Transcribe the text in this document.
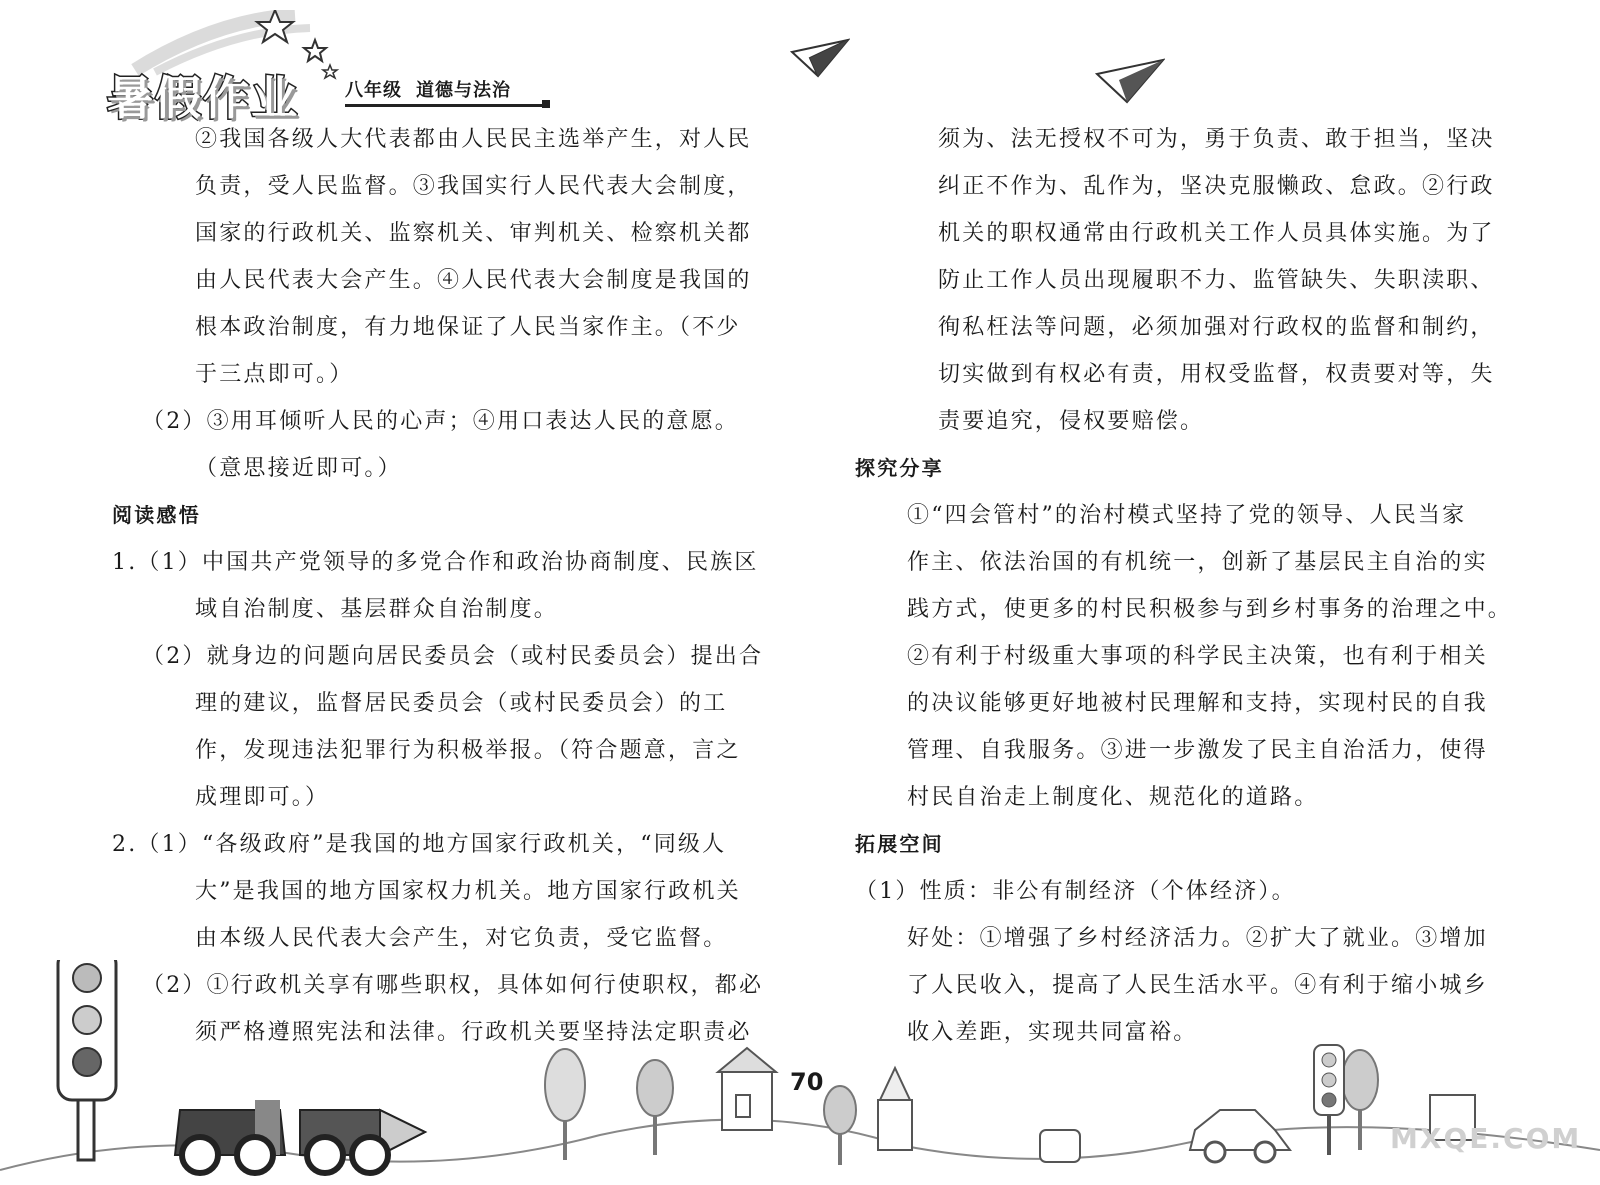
暑假作业	八年级 道德与法治

②我国各级人大代表都由人民民主选举产生，对人民

负责，受人民监督。③我国实行人民代表大会制度，

国家的行政机关、监察机关、审判机关、检察机关都

由人民代表大会产生。④人民代表大会制度是我国的

根本政治制度，有力地保证了人民当家作主。（不少

于三点即可。）

（2）③用耳倾听人民的心声；④用口表达人民的意愿。

（意思接近即可。）

阅读感悟

1.（1）中国共产党领导的多党合作和政治协商制度、民族区

域自治制度、基层群众自治制度。

（2）就身边的问题向居民委员会（或村民委员会）提出合

理的建议，监督居民委员会（或村民委员会）的工

作，发现违法犯罪行为积极举报。（符合题意，言之

成理即可。）

2.（1）“各级政府”是我国的地方国家行政机关，“同级人

大”是我国的地方国家权力机关。地方国家行政机关

由本级人民代表大会产生，对它负责，受它监督。

（2）①行政机关享有哪些职权，具体如何行使职权，都必

须严格遵照宪法和法律。行政机关要坚持法定职责必

须为、法无授权不可为，勇于负责、敢于担当，坚决

纠正不作为、乱作为，坚决克服懒政、怠政。②行政

机关的职权通常由行政机关工作人员具体实施。为了

防止工作人员出现履职不力、监管缺失、失职渎职、

徇私枉法等问题，必须加强对行政权的监督和制约，

切实做到有权必有责，用权受监督，权责要对等，失

责要追究，侵权要赔偿。

探究分享

①“四会管村”的治村模式坚持了党的领导、人民当家

作主、依法治国的有机统一，创新了基层民主自治的实

践方式，使更多的村民积极参与到乡村事务的治理之中。

②有利于村级重大事项的科学民主决策，也有利于相关

的决议能够更好地被村民理解和支持，实现村民的自我

管理、自我服务。③进一步激发了民主自治活力，使得

村民自治走上制度化、规范化的道路。

拓展空间

（1）性质：非公有制经济（个体经济）。

好处：①增强了乡村经济活力。②扩大了就业。③增加

了人民收入，提高了人民生活水平。④有利于缩小城乡

收入差距，实现共同富裕。

70
MXQE.COM
